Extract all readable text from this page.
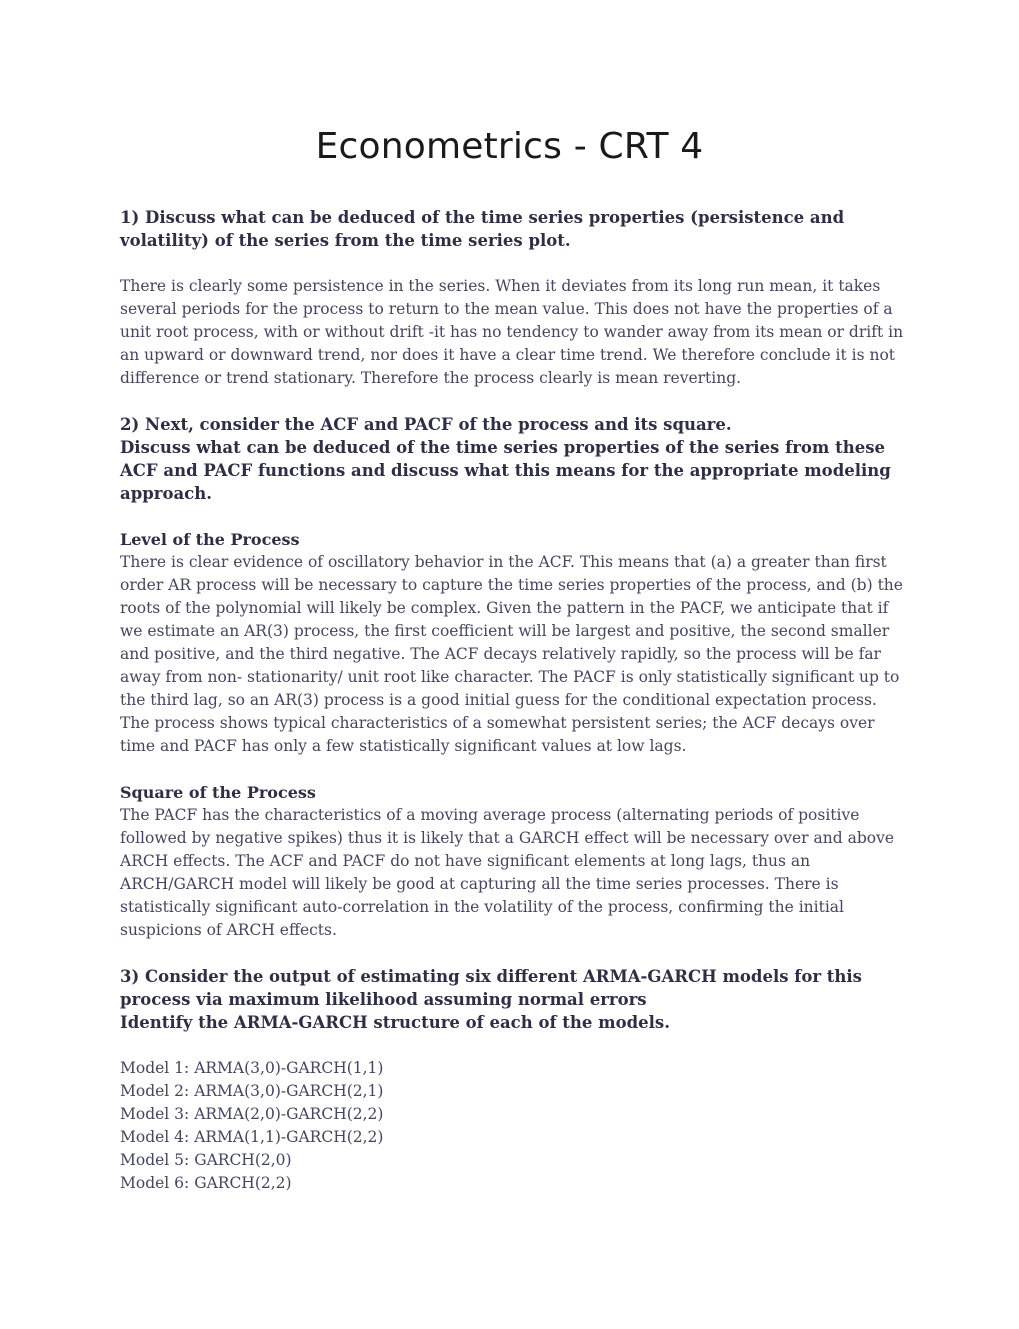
Econometrics - CRT 4

1) Discuss what can be deduced of the time series properties (persistence and volatility) of the series from the time series plot.

There is clearly some persistence in the series. When it deviates from its long run mean, it takes several periods for the process to return to the mean value. This does not have the properties of a unit root process, with or without drift -it has no tendency to wander away from its mean or drift in an upward or downward trend, nor does it have a clear time trend. We therefore conclude it is not difference or trend stationary. Therefore the process clearly is mean reverting.

2) Next, consider the ACF and PACF of the process and its square.

Discuss what can be deduced of the time series properties of the series from these ACF and PACF functions and discuss what this means for the appropriate modeling approach.

Level of the Process

There is clear evidence of oscillatory behavior in the ACF. This means that (a) a greater than first order AR process will be necessary to capture the time series properties of the process, and (b) the roots of the polynomial will likely be complex. Given the pattern in the PACF, we anticipate that if we estimate an AR(3) process, the first coefficient will be largest and positive, the second smaller and positive, and the third negative. The ACF decays relatively rapidly, so the process will be far away from non- stationarity/ unit root like character. The PACF is only statistically significant up to the third lag, so an AR(3) process is a good initial guess for the conditional expectation process. The process shows typical characteristics of a somewhat persistent series; the ACF decays over time and PACF has only a few statistically significant values at low lags.

Square of the Process

The PACF has the characteristics of a moving average process (alternating periods of positive followed by negative spikes) thus it is likely that a GARCH effect will be necessary over and above ARCH effects. The ACF and PACF do not have significant elements at long lags, thus an ARCH/GARCH model will likely be good at capturing all the time series processes. There is statistically significant auto-correlation in the volatility of the process, confirming the initial suspicions of ARCH effects.

3) Consider the output of estimating six different ARMA-GARCH models for this process via maximum likelihood assuming normal errors

Identify the ARMA-GARCH structure of each of the models.

Model 1: ARMA(3,0)-GARCH(1,1)
Model 2: ARMA(3,0)-GARCH(2,1)
Model 3: ARMA(2,0)-GARCH(2,2)
Model 4: ARMA(1,1)-GARCH(2,2)
Model 5: GARCH(2,0)
Model 6: GARCH(2,2)
